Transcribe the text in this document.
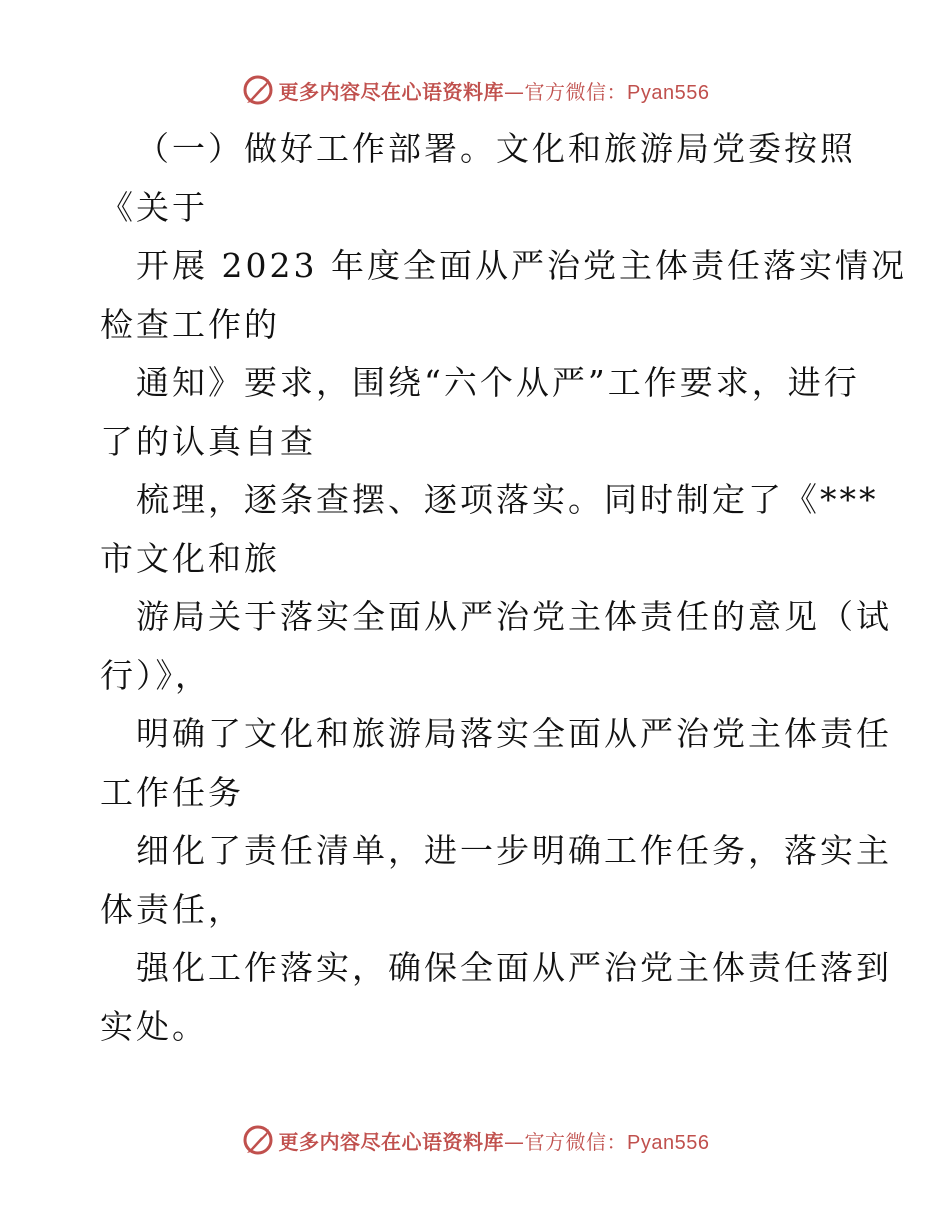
更多内容尽在心语资料库—官方微信：Pyan556
（一）做好工作部署。文化和旅游局党委按照
《关于
开展 2023 年度全面从严治党主体责任落实情况
检查工作的
通知》要求，围绕“六个从严”工作要求，进行
了的认真自查
梳理，逐条查摆、逐项落实。同时制定了《***
市文化和旅
游局关于落实全面从严治党主体责任的意见（试
行）》，
明确了文化和旅游局落实全面从严治党主体责任
工作任务
细化了责任清单，进一步明确工作任务，落实主
体责任，
强化工作落实，确保全面从严治党主体责任落到
实处。
更多内容尽在心语资料库—官方微信：Pyan556
